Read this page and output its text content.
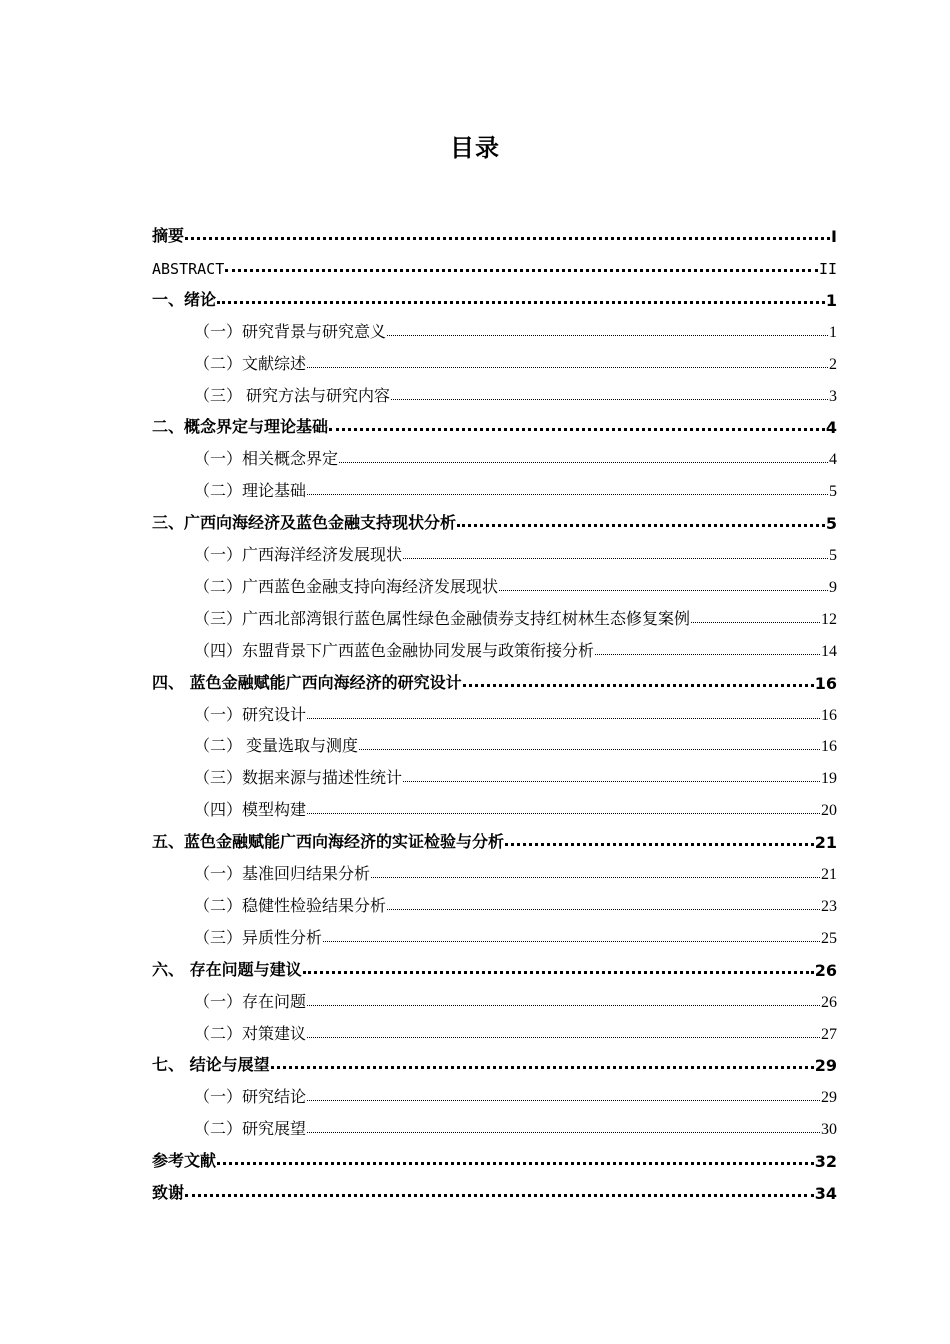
目录
摘要	I
ABSTRACT	II
一、绪论	1
（一）研究背景与研究意义	1
（二）文献综述	2
（三） 研究方法与研究内容	3
二、概念界定与理论基础	4
（一）相关概念界定	4
（二）理论基础	5
三、广西向海经济及蓝色金融支持现状分析	5
（一）广西海洋经济发展现状	5
（二）广西蓝色金融支持向海经济发展现状	9
（三）广西北部湾银行蓝色属性绿色金融债券支持红树林生态修复案例	12
（四）东盟背景下广西蓝色金融协同发展与政策衔接分析	14
四、 蓝色金融赋能广西向海经济的研究设计	16
（一）研究设计	16
（二） 变量选取与测度	16
（三）数据来源与描述性统计	19
（四）模型构建	20
五、蓝色金融赋能广西向海经济的实证检验与分析	21
（一）基准回归结果分析	21
（二）稳健性检验结果分析	23
（三）异质性分析	25
六、 存在问题与建议	26
（一）存在问题	26
（二）对策建议	27
七、 结论与展望	29
（一）研究结论	29
（二）研究展望	30
参考文献	32
致谢	34
